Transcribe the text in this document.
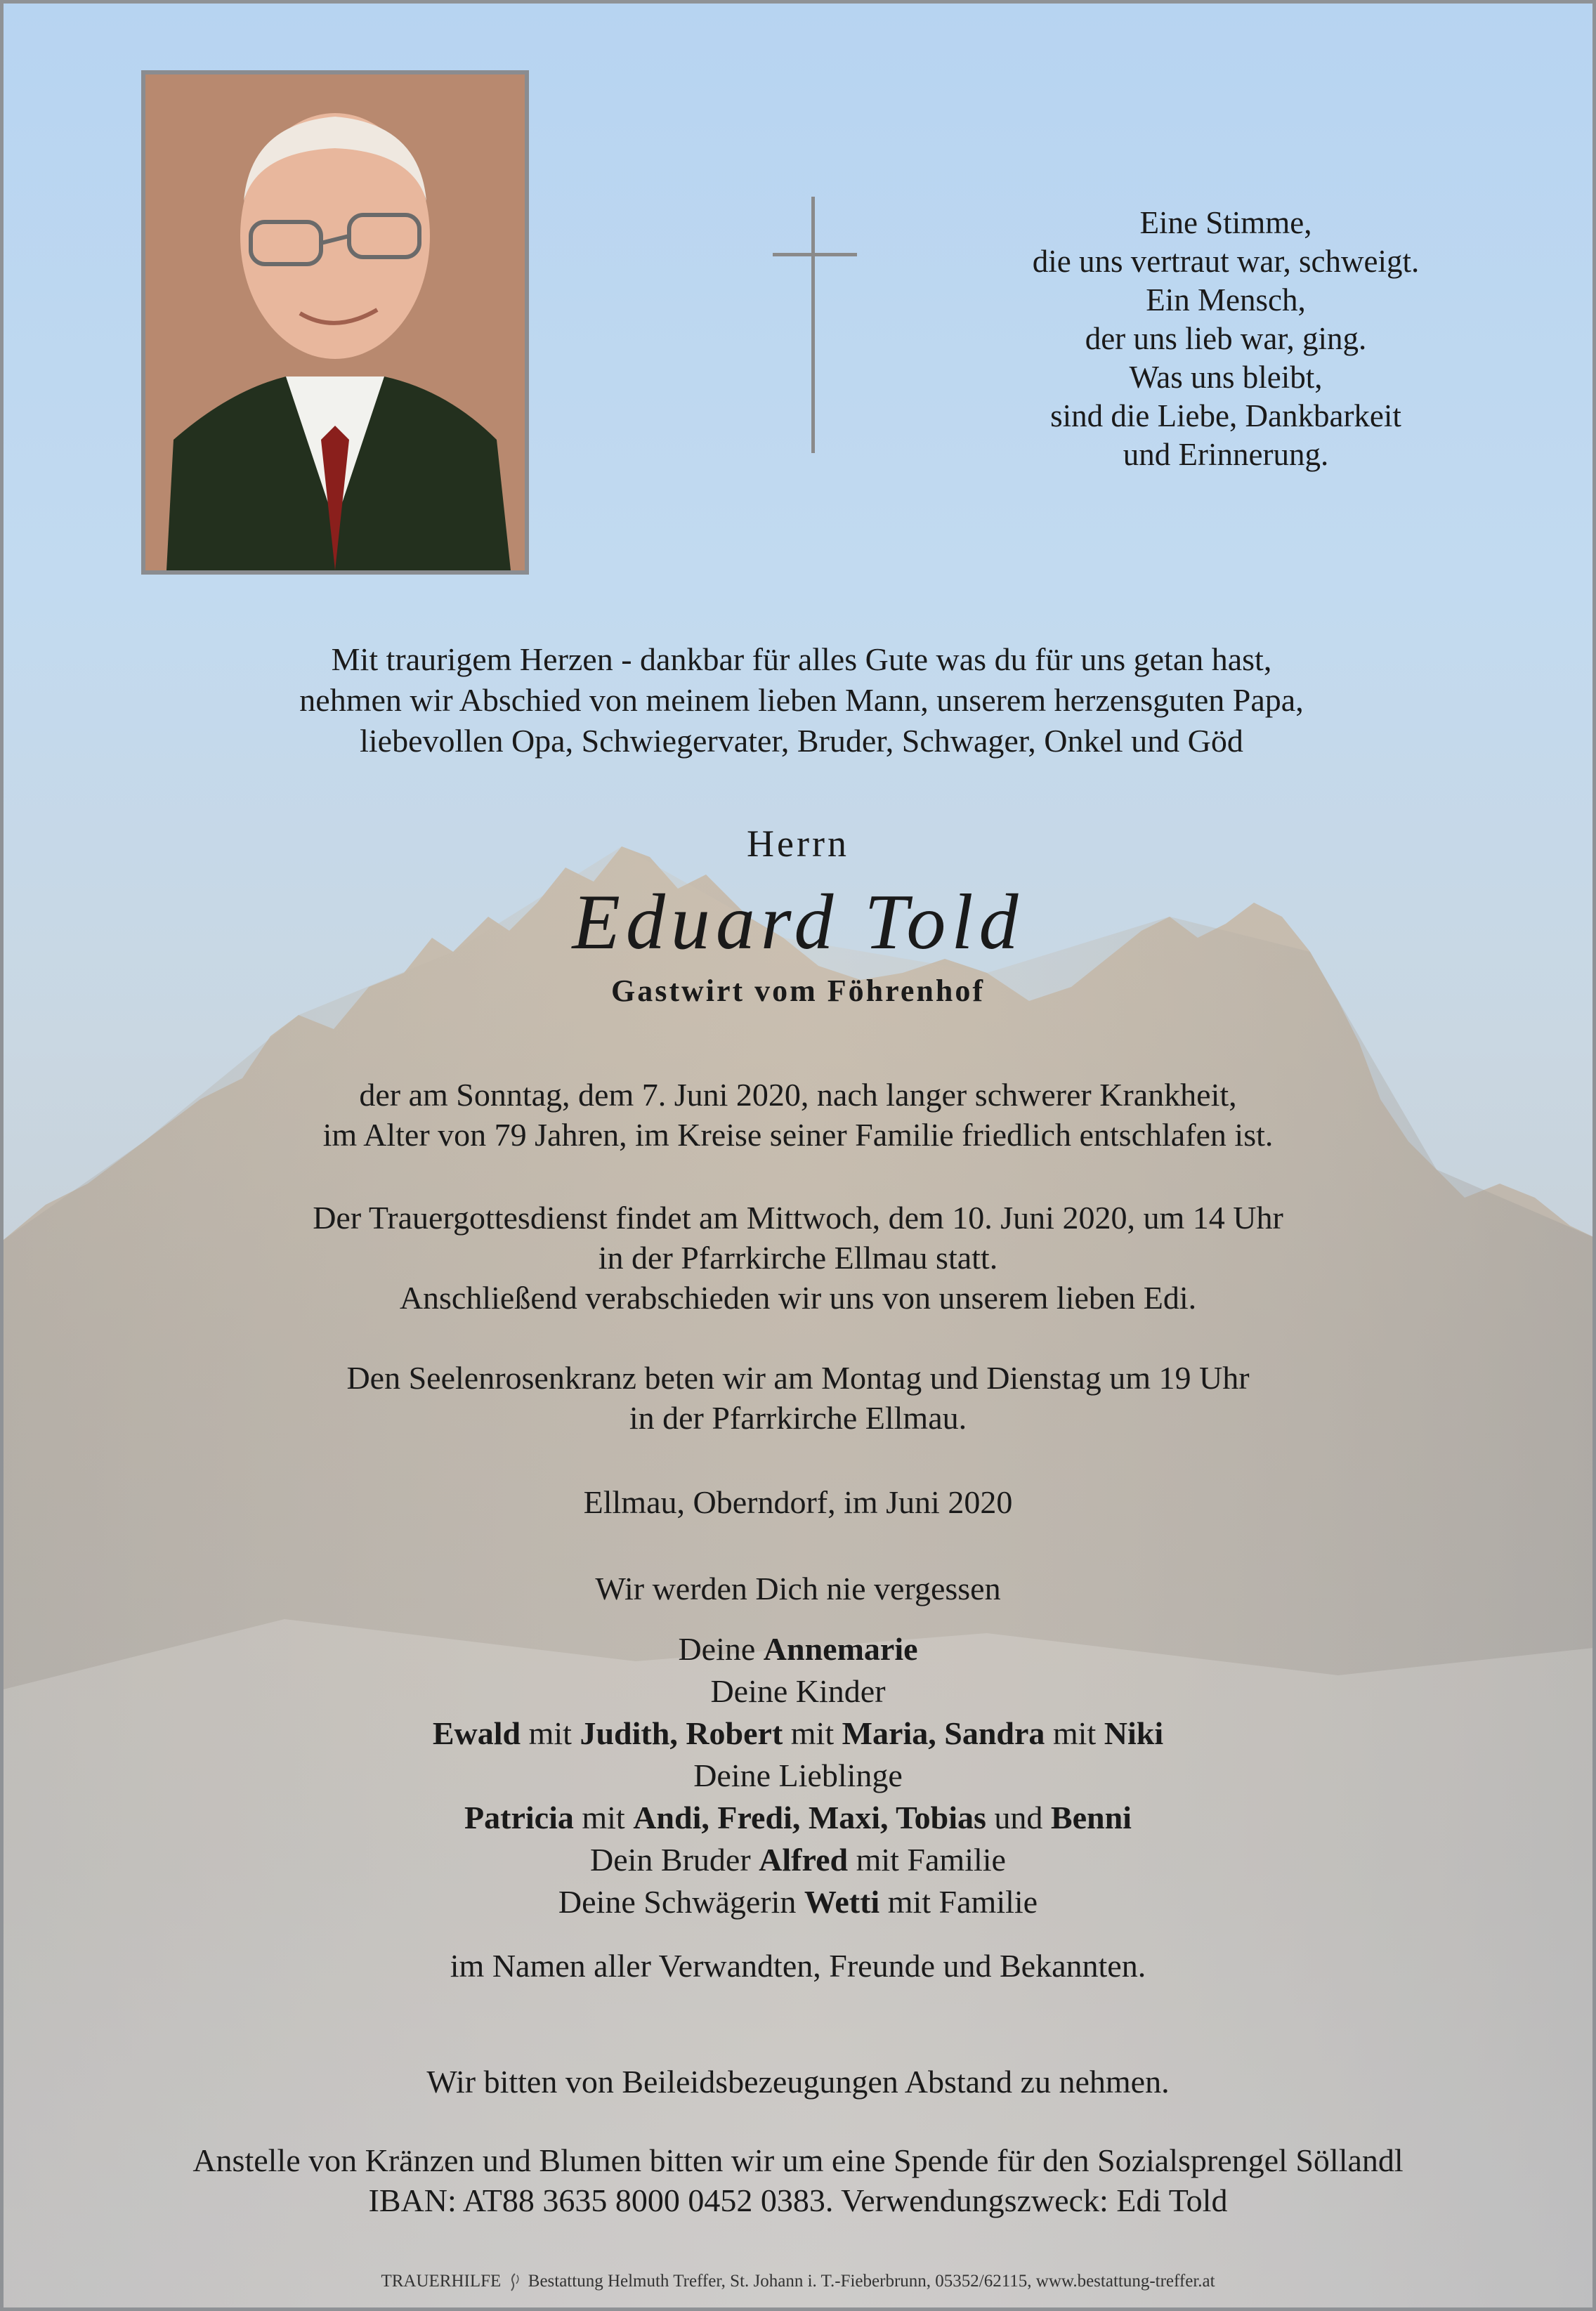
Eine Stimme,
die uns vertraut war, schweigt.
Ein Mensch,
der uns lieb war, ging.
Was uns bleibt,
sind die Liebe, Dankbarkeit
und Erinnerung.
Mit traurigem Herzen - dankbar für alles Gute was du für uns getan hast,
nehmen wir Abschied von meinem lieben Mann, unserem herzensguten Papa,
liebevollen Opa, Schwiegervater, Bruder, Schwager, Onkel und Göd
Herrn
Eduard Told
Gastwirt vom Föhrenhof
der am Sonntag, dem 7. Juni 2020, nach langer schwerer Krankheit,
im Alter von 79 Jahren, im Kreise seiner Familie friedlich entschlafen ist.
Der Trauergottesdienst findet am Mittwoch, dem 10. Juni 2020, um 14 Uhr
in der Pfarrkirche Ellmau statt.
Anschließend verabschieden wir uns von unserem lieben Edi.
Den Seelenrosenkranz beten wir am Montag und Dienstag um 19 Uhr
in der Pfarrkirche Ellmau.
Ellmau, Oberndorf, im Juni 2020
Wir werden Dich nie vergessen
Deine Annemarie
Deine Kinder
Ewald mit Judith, Robert mit Maria, Sandra mit Niki
Deine Lieblinge
Patricia mit Andi, Fredi, Maxi, Tobias und Benni
Dein Bruder Alfred mit Familie
Deine Schwägerin Wetti mit Familie
im Namen aller Verwandten, Freunde und Bekannten.
Wir bitten von Beileidsbezeugungen Abstand zu nehmen.
Anstelle von Kränzen und Blumen bitten wir um eine Spende für den Sozialsprengel Söllandl
IBAN: AT88 3635 8000 0452 0383. Verwendungszweck: Edi Told
TRAUERHILFE Bestattung Helmuth Treffer, St. Johann i. T.-Fieberbrunn, 05352/62115, www.bestattung-treffer.at
